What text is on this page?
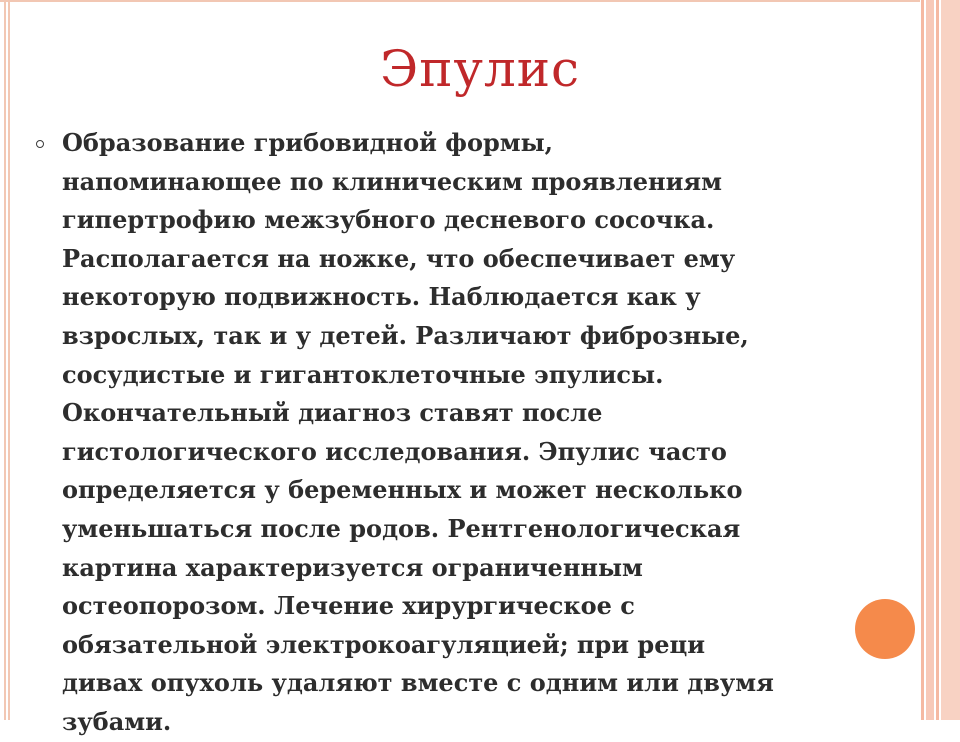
Эпулис

Образование грибовидной формы,
напоминающее по клиническим проявлениям
гипертрофию межзубного десневого сосочка.
Располагается на ножке, что обеспечивает ему
некоторую подвижность. Наблюдается как у
взрослых, так и у детей. Различают фиброзные,
сосудистые и гигантоклеточные эпулисы.
Окончательный диагноз ставят после
гистологического исследования. Эпулис часто
определяется у беременных и может несколько
уменьшаться после родов. Рентгенологическая
картина характеризуется ограниченным
остеопорозом. Лечение хирургическое с
обязательной электрокоагуляцией; при реци
дивах опухоль удаляют вместе с одним или двумя
зубами.
